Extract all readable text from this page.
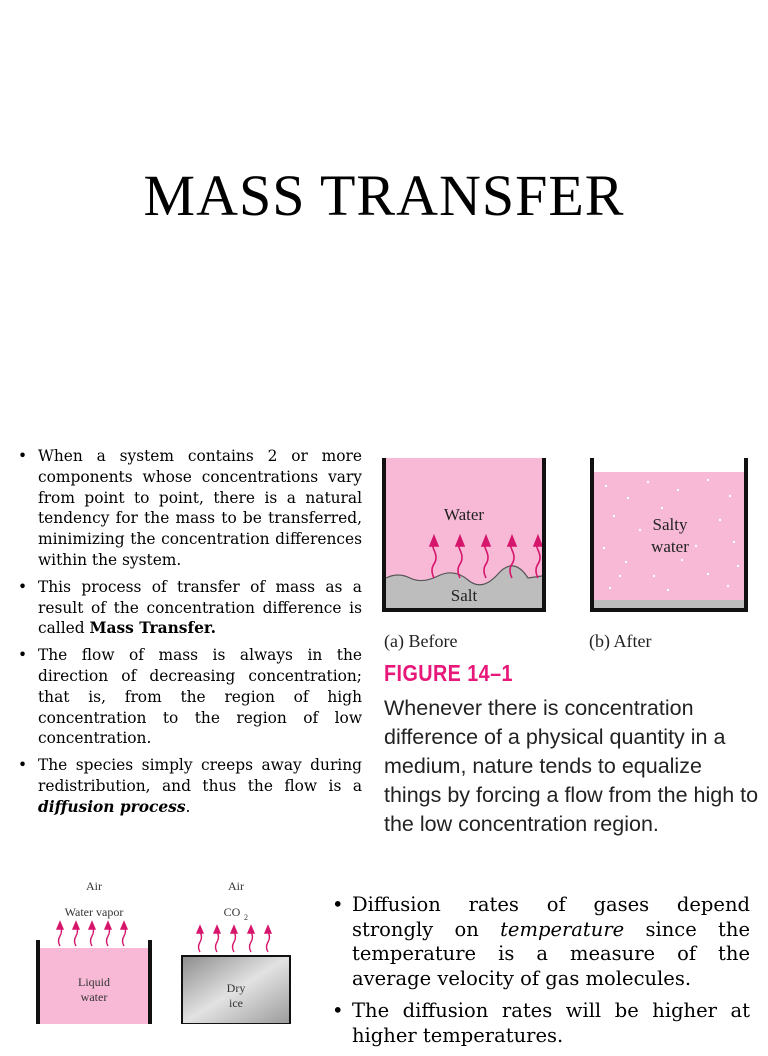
MASS TRANSFER
• When a system contains 2 or more components whose concentrations vary from point to point, there is a natural tendency for the mass to be transferred, minimizing the concentration differences within the system.
• This process of transfer of mass as a result of the concentration difference is called Mass Transfer.
• The flow of mass is always in the direction of decreasing concentration; that is, from the region of high concentration to the region of low concentration.
• The species simply creeps away during redistribution, and thus the flow is a diffusion process.
Water
Salt
Salty
water
(a) Before	(b) After
FIGURE 14–1
Whenever there is concentration difference of a physical quantity in a medium, nature tends to equalize things by forcing a flow from the high to the low concentration region.
Air
Water vapor
Air
CO 2
Liquid
water
Dry
ice
• Diffusion rates of gases depend strongly on temperature since the temperature is a measure of the average velocity of gas molecules.
• The diffusion rates will be higher at higher temperatures.
